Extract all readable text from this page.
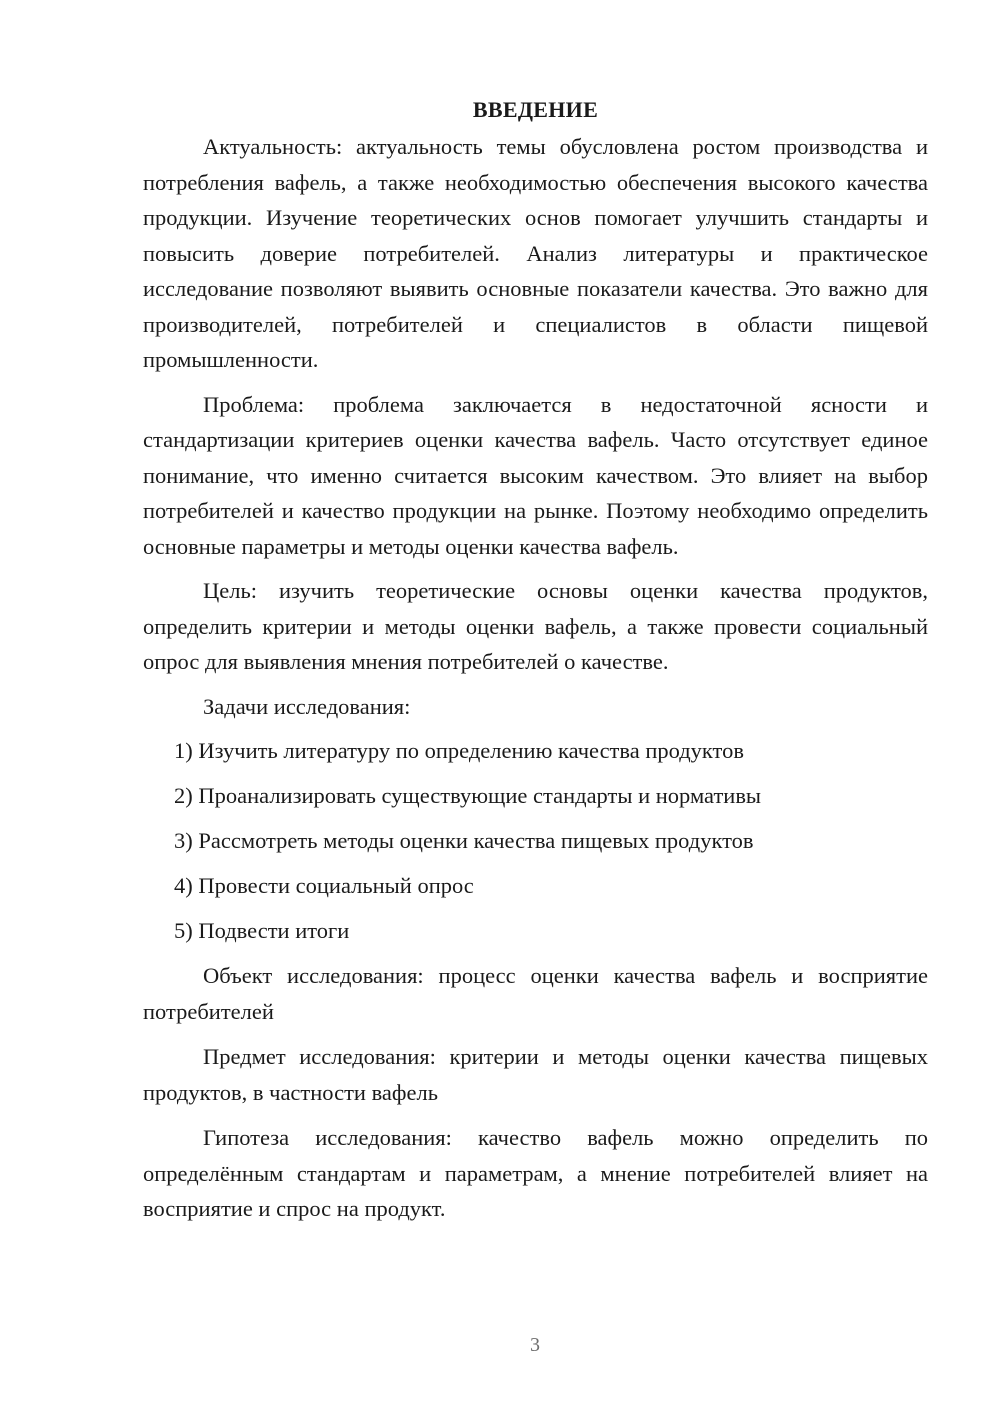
ВВЕДЕНИЕ

Актуальность: актуальность темы обусловлена ростом производства и потребления вафель, а также необходимостью обеспечения высокого качества продукции. Изучение теоретических основ помогает улучшить стандарты и повысить доверие потребителей. Анализ литературы и практическое исследование позволяют выявить основные показатели качества. Это важно для производителей, потребителей и специалистов в области пищевой промышленности.

Проблема: проблема заключается в недостаточной ясности и стандартизации критериев оценки качества вафель. Часто отсутствует единое понимание, что именно считается высоким качеством. Это влияет на выбор потребителей и качество продукции на рынке. Поэтому необходимо определить основные параметры и методы оценки качества вафель.

Цель: изучить теоретические основы оценки качества продуктов, определить критерии и методы оценки вафель, а также провести социальный опрос для выявления мнения потребителей о качестве.

Задачи исследования:

1) Изучить литературу по определению качества продуктов
2) Проанализировать существующие стандарты и нормативы
3) Рассмотреть методы оценки качества пищевых продуктов
4) Провести социальный опрос
5) Подвести итоги

Объект исследования: процесс оценки качества вафель и восприятие потребителей

Предмет исследования: критерии и методы оценки качества пищевых продуктов, в частности вафель

Гипотеза исследования: качество вафель можно определить по определённым стандартам и параметрам, а мнение потребителей влияет на восприятие и спрос на продукт.

3
